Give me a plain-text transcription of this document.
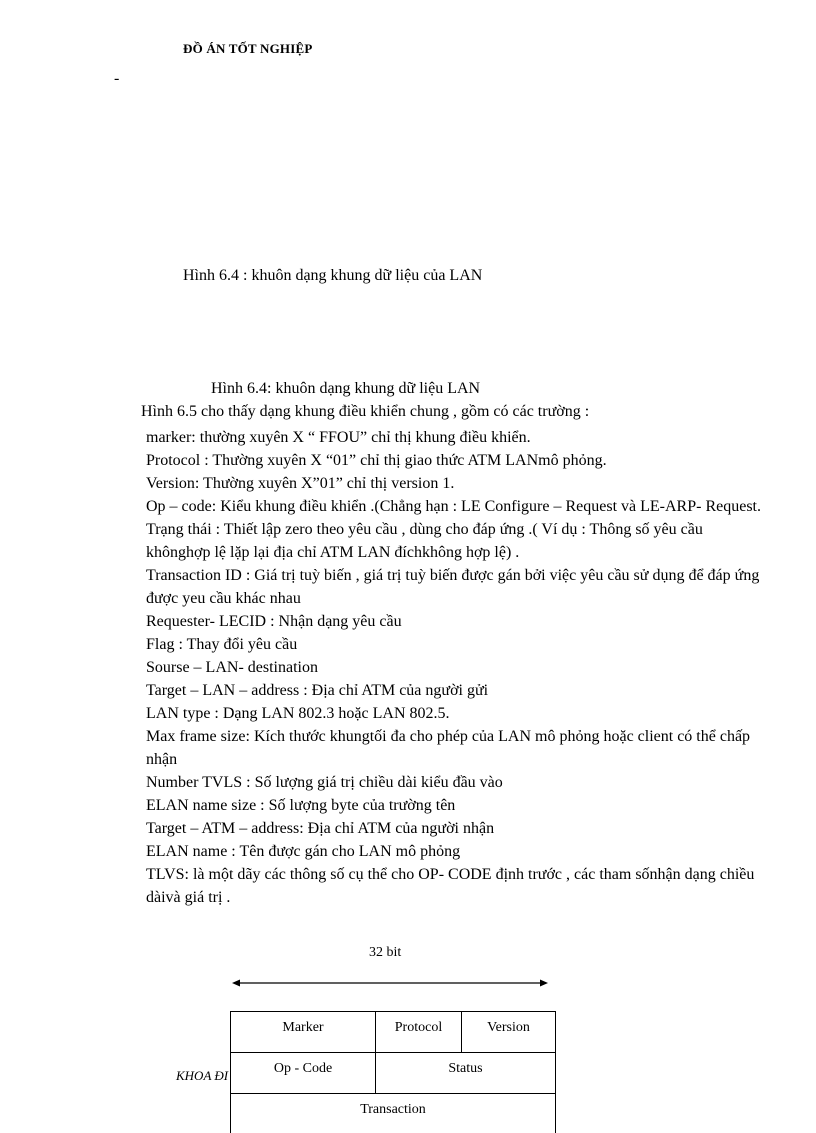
ĐỒ ÁN TỐT NGHIỆP
-
Hình 6.4 : khuôn dạng khung dữ liệu của LAN
Hình 6.4: khuôn dạng khung dữ liệu LAN
Hình 6.5 cho thấy dạng khung điều khiển chung , gồm có các trường :
marker: thường xuyên X “ FFOU” chỉ thị khung điều khiển.
Protocol : Thường xuyên X “01” chỉ thị giao thức ATM LANmô phỏng.
Version: Thường xuyên X”01” chỉ thị version 1.
Op – code: Kiểu khung điều khiển .(Chẳng hạn : LE Configure – Request và LE-ARP- Request.
Trạng thái : Thiết lập zero theo yêu cầu , dùng cho đáp ứng .( Ví dụ : Thông số yêu cầu khônghợp lệ lặp lại địa chỉ ATM LAN đíchkhông hợp lệ) .
Transaction ID : Giá trị tuỳ biến , giá trị tuỳ biến được gán bởi việc yêu cầu sử dụng để đáp ứng được yeu cầu khác nhau
Requester- LECID : Nhận dạng yêu cầu
Flag : Thay đổi yêu cầu
Sourse – LAN- destination
Target – LAN – address : Địa chỉ ATM của người gửi
LAN type : Dạng LAN 802.3 hoặc LAN 802.5.
Max frame size: Kích thước khungtối đa cho phép của LAN mô phỏng hoặc client có thể chấp nhận
Number TVLS : Số lượng giá trị chiều dài kiểu đầu vào
ELAN name size : Số lượng byte của trường tên
Target – ATM – address: Địa chỉ ATM của người nhận
ELAN name : Tên được gán cho LAN mô phỏng
TLVS: là một dãy các thông số cụ thể cho OP- CODE định trước , các tham sốnhận dạng chiều dàivà giá trị .
32 bit
KHOA ĐI
Marker	Protocol	Version
Op - Code	Status
Transaction
